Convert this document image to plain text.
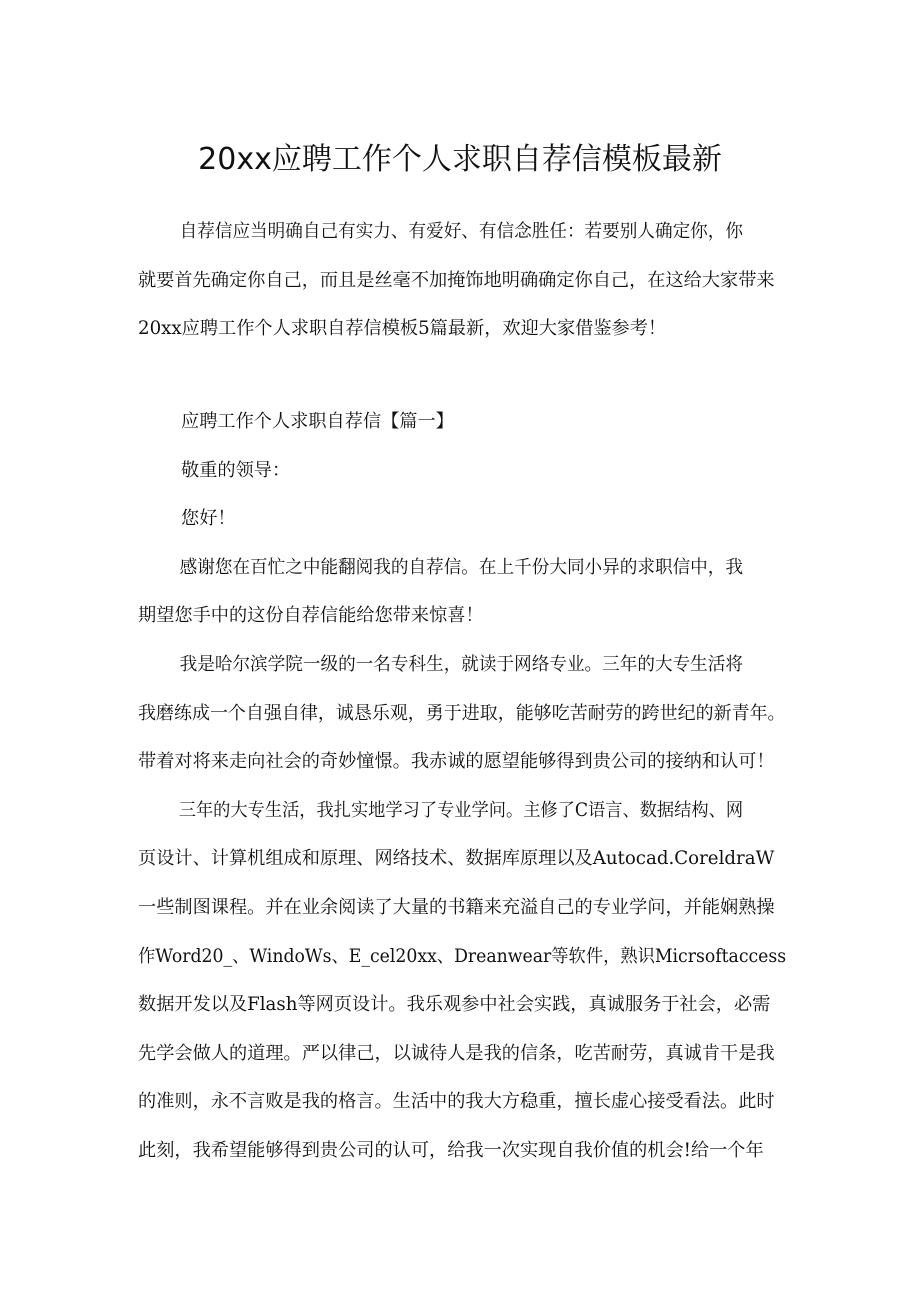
20xx应聘工作个人求职自荐信模板最新
自荐信应当明确自己有实力、有爱好、有信念胜任：若要别人确定你，你
就要首先确定你自己，而且是丝毫不加掩饰地明确确定你自己，在这给大家带来
20xx应聘工作个人求职自荐信模板5篇最新，欢迎大家借鉴参考！
应聘工作个人求职自荐信【篇一】
敬重的领导：
您好！
感谢您在百忙之中能翻阅我的自荐信。在上千份大同小异的求职信中，我
期望您手中的这份自荐信能给您带来惊喜！
我是哈尔滨学院一级的一名专科生，就读于网络专业。三年的大专生活将
我磨练成一个自强自律，诚恳乐观，勇于进取，能够吃苦耐劳的跨世纪的新青年。
带着对将来走向社会的奇妙憧憬。我赤诚的愿望能够得到贵公司的接纳和认可！
三年的大专生活，我扎实地学习了专业学问。主修了C语言、数据结构、网
页设计、计算机组成和原理、网络技术、数据库原理以及Autocad.CoreldraW
一些制图课程。并在业余阅读了大量的书籍来充溢自己的专业学问，并能娴熟操
作Word20_、WindoWs、E_cel20xx、Dreanwear等软件，熟识Micrsoftaccess
数据开发以及Flash等网页设计。我乐观参中社会实践，真诚服务于社会，必需
先学会做人的道理。严以律己，以诚待人是我的信条，吃苦耐劳，真诚肯干是我
的准则，永不言败是我的格言。生活中的我大方稳重，擅长虚心接受看法。此时
此刻，我希望能够得到贵公司的认可，给我一次实现自我价值的机会!给一个年
